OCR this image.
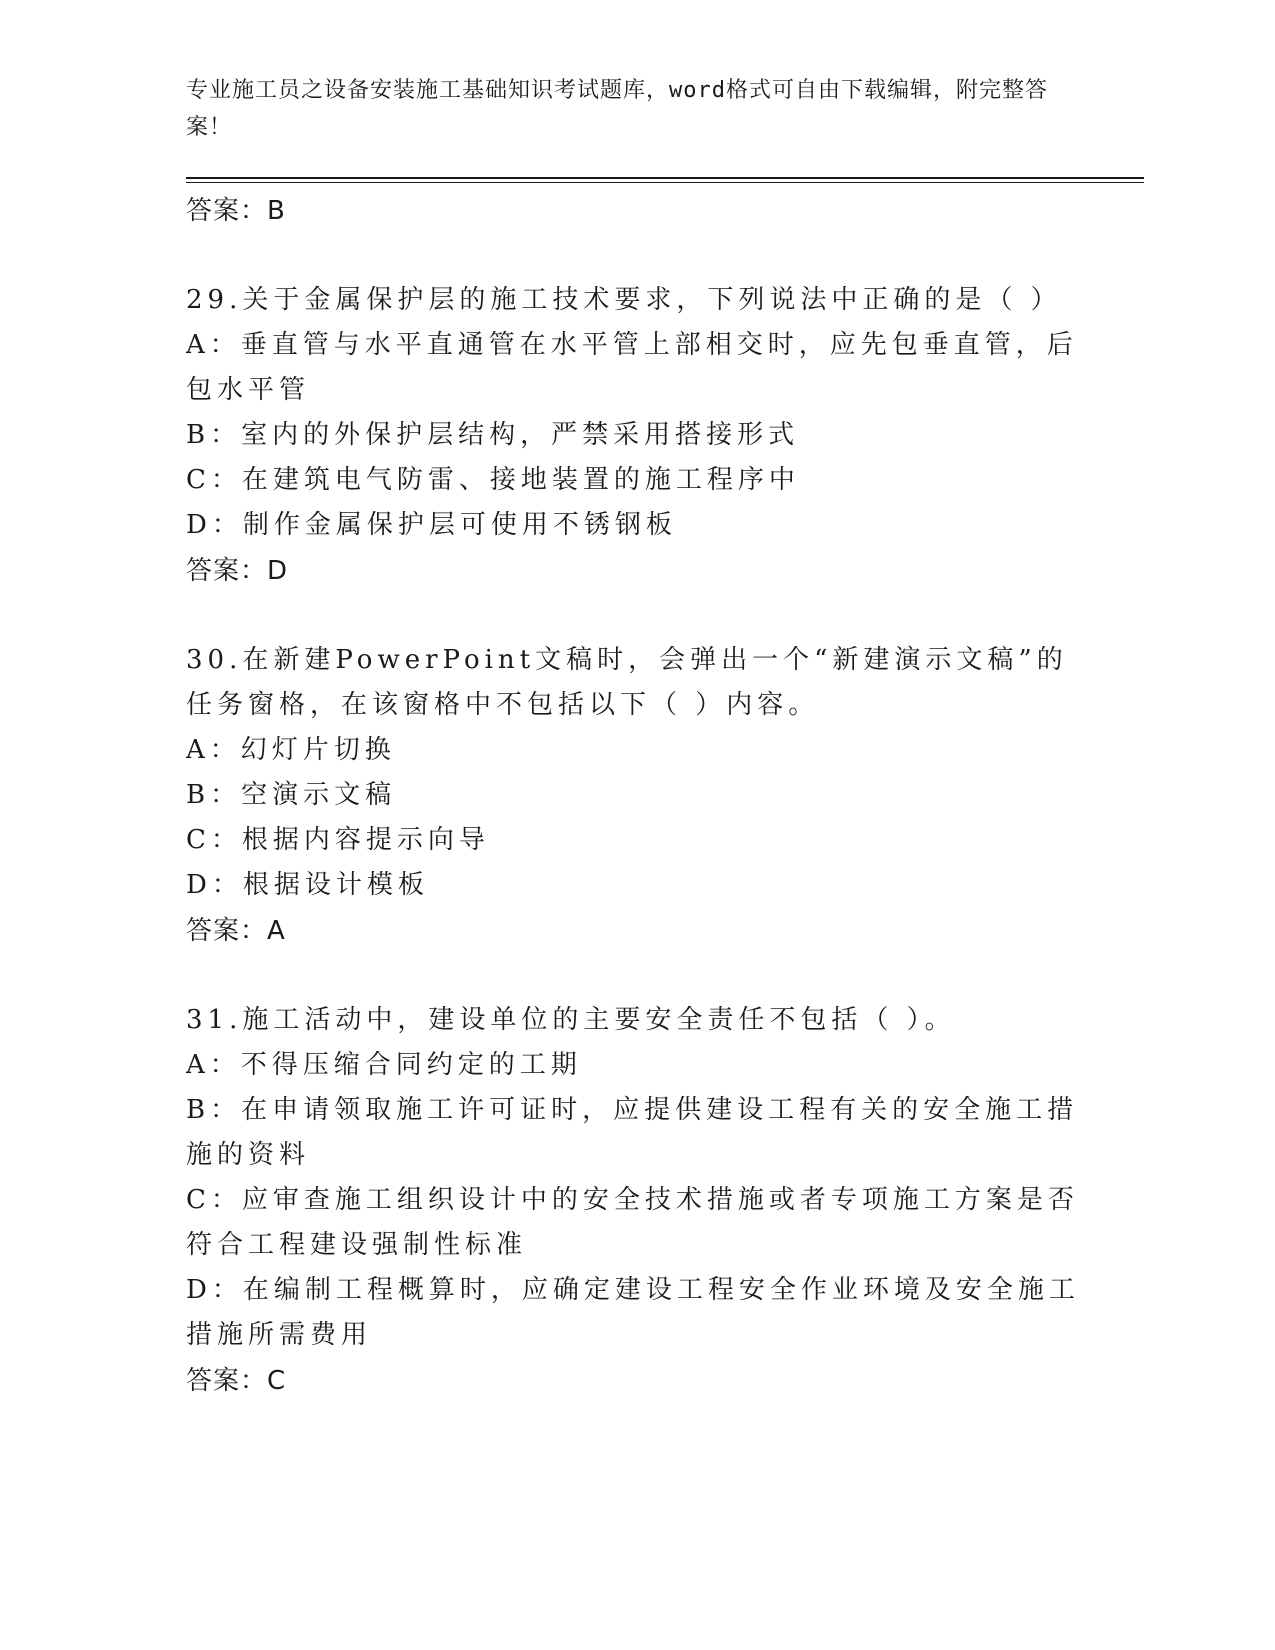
专业施工员之设备安装施工基础知识考试题库，word格式可自由下载编辑，附完整答案！
答案：B

29.关于金属保护层的施工技术要求，下列说法中正确的是（ ）

A：垂直管与水平直通管在水平管上部相交时，应先包垂直管，后包水平管

B：室内的外保护层结构，严禁采用搭接形式

C：在建筑电气防雷、接地装置的施工程序中

D：制作金属保护层可使用不锈钢板

答案：D

30.在新建PowerPoint文稿时，会弹出一个“新建演示文稿”的任务窗格，在该窗格中不包括以下（ ）内容。

A：幻灯片切换

B：空演示文稿

C：根据内容提示向导

D：根据设计模板

答案：A

31.施工活动中，建设单位的主要安全责任不包括（ ）。

A：不得压缩合同约定的工期

B：在申请领取施工许可证时，应提供建设工程有关的安全施工措施的资料

C：应审查施工组织设计中的安全技术措施或者专项施工方案是否符合工程建设强制性标准

D：在编制工程概算时，应确定建设工程安全作业环境及安全施工措施所需费用

答案：C
